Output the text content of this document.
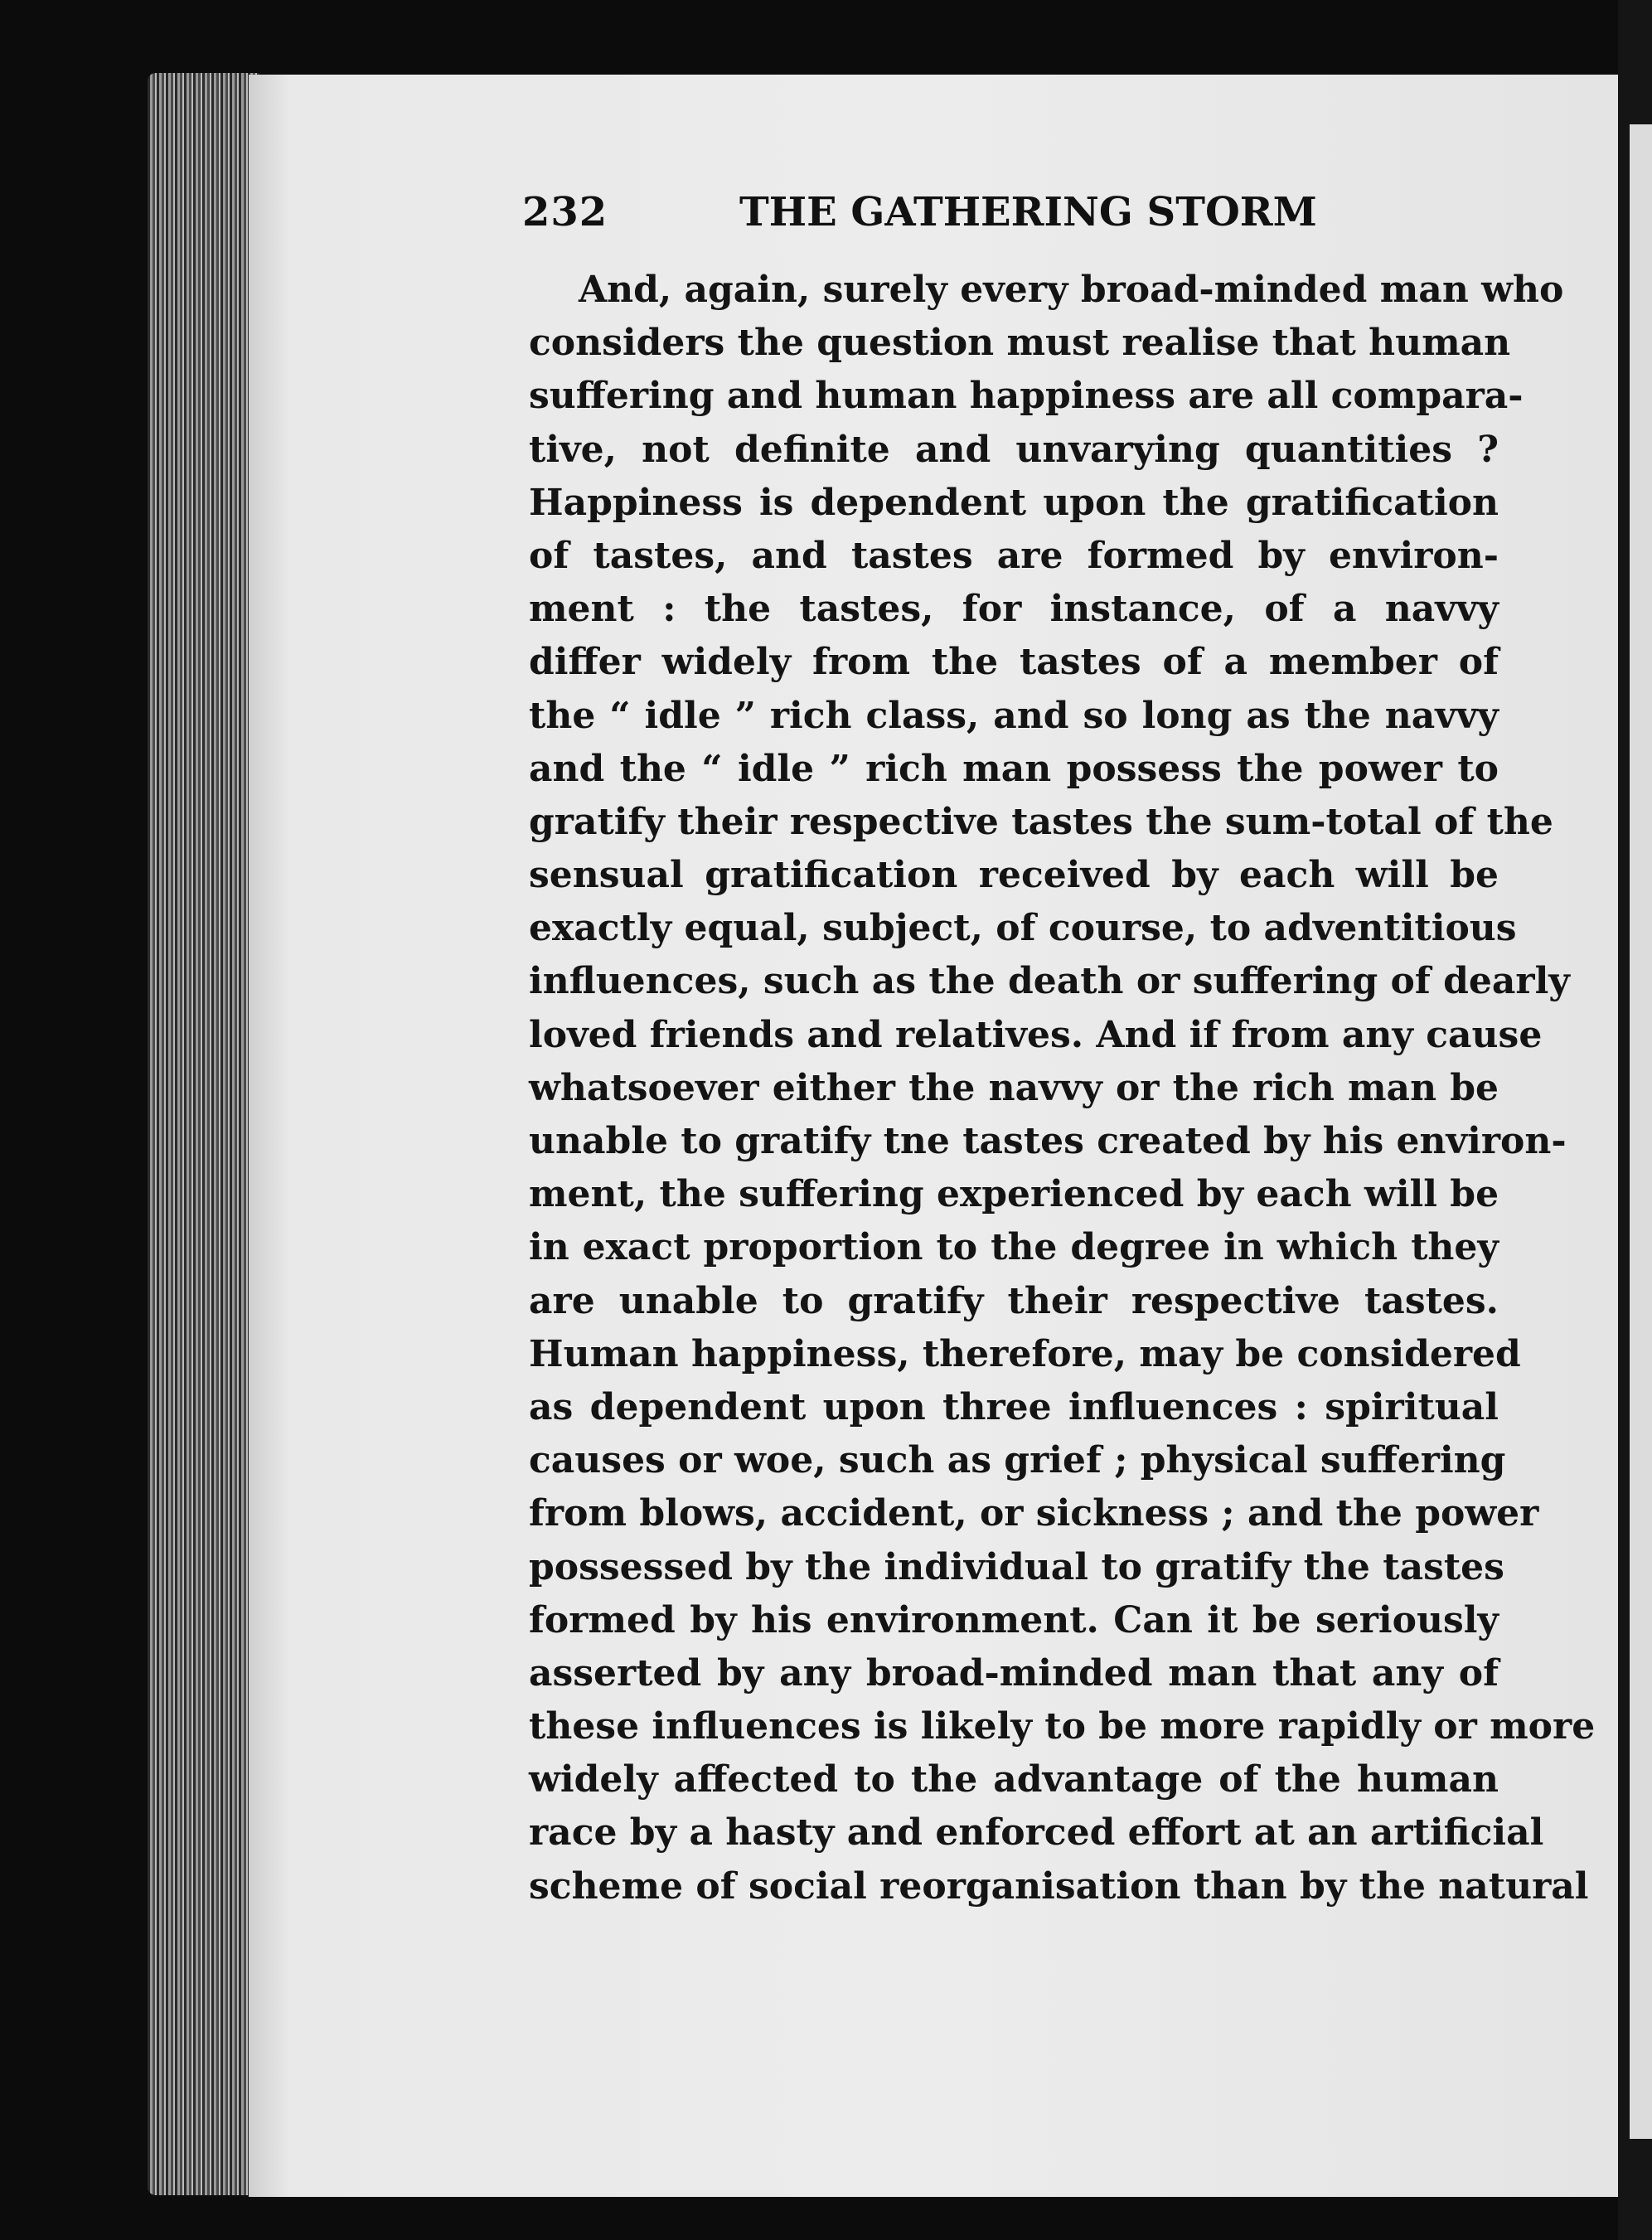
232	THE GATHERING STORM
And, again, surely every broad-minded man who
considers the question must realise that human
suffering and human happiness are all compara-
tive, not definite and unvarying quantities ?
Happiness is dependent upon the gratification
of tastes, and tastes are formed by environ-
ment : the tastes, for instance, of a navvy
differ widely from the tastes of a member of
the “ idle ” rich class, and so long as the navvy
and the “ idle ” rich man possess the power to
gratify their respective tastes the sum-total of the
sensual gratification received by each will be
exactly equal, subject, of course, to adventitious
influences, such as the death or suffering of dearly
loved friends and relatives. And if from any cause
whatsoever either the navvy or the rich man be
unable to gratify tne tastes created by his environ-
ment, the suffering experienced by each will be
in exact proportion to the degree in which they
are unable to gratify their respective tastes.
Human happiness, therefore, may be considered
as dependent upon three influences : spiritual
causes or woe, such as grief ; physical suffering
from blows, accident, or sickness ; and the power
possessed by the individual to gratify the tastes
formed by his environment. Can it be seriously
asserted by any broad-minded man that any of
these influences is likely to be more rapidly or more
widely affected to the advantage of the human
race by a hasty and enforced effort at an artificial
scheme of social reorganisation than by the natural
